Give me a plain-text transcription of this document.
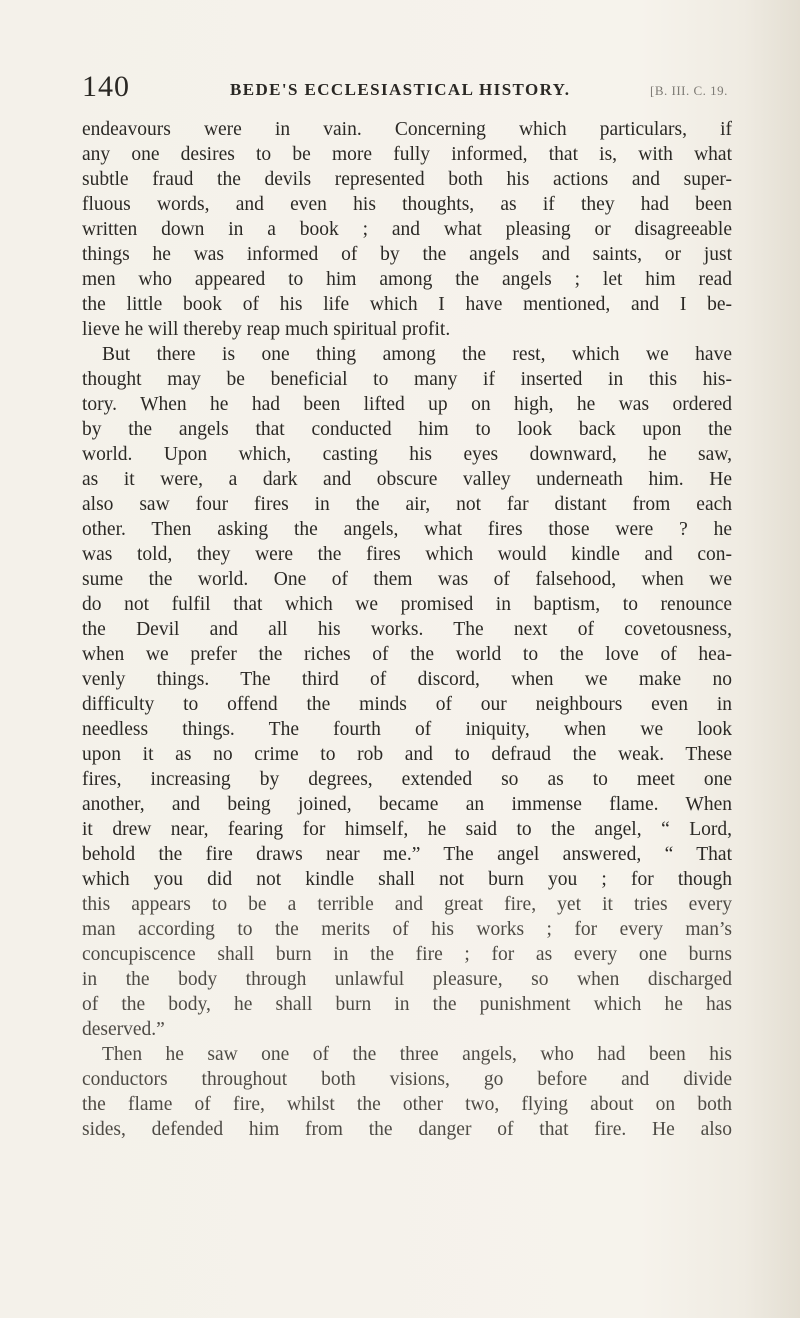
140	BEDE'S ECCLESIASTICAL HISTORY.	[B. III. C. 19.
endeavours were in vain. Concerning which particulars, if
any one desires to be more fully informed, that is, with what
subtle fraud the devils represented both his actions and super-
fluous words, and even his thoughts, as if they had been
written down in a book ; and what pleasing or disagreeable
things he was informed of by the angels and saints, or just
men who appeared to him among the angels ; let him read
the little book of his life which I have mentioned, and I be-
lieve he will thereby reap much spiritual profit.
But there is one thing among the rest, which we have
thought may be beneficial to many if inserted in this his-
tory. When he had been lifted up on high, he was ordered
by the angels that conducted him to look back upon the
world. Upon which, casting his eyes downward, he saw,
as it were, a dark and obscure valley underneath him. He
also saw four fires in the air, not far distant from each
other. Then asking the angels, what fires those were ? he
was told, they were the fires which would kindle and con-
sume the world. One of them was of falsehood, when we
do not fulfil that which we promised in baptism, to renounce
the Devil and all his works. The next of covetousness,
when we prefer the riches of the world to the love of hea-
venly things. The third of discord, when we make no
difficulty to offend the minds of our neighbours even in
needless things. The fourth of iniquity, when we look
upon it as no crime to rob and to defraud the weak. These
fires, increasing by degrees, extended so as to meet one
another, and being joined, became an immense flame. When
it drew near, fearing for himself, he said to the angel, “ Lord,
behold the fire draws near me.” The angel answered, “ That
which you did not kindle shall not burn you ; for though
this appears to be a terrible and great fire, yet it tries every
man according to the merits of his works ; for every man’s
concupiscence shall burn in the fire ; for as every one burns
in the body through unlawful pleasure, so when discharged
of the body, he shall burn in the punishment which he has
deserved.”
Then he saw one of the three angels, who had been his
conductors throughout both visions, go before and divide
the flame of fire, whilst the other two, flying about on both
sides, defended him from the danger of that fire. He also
